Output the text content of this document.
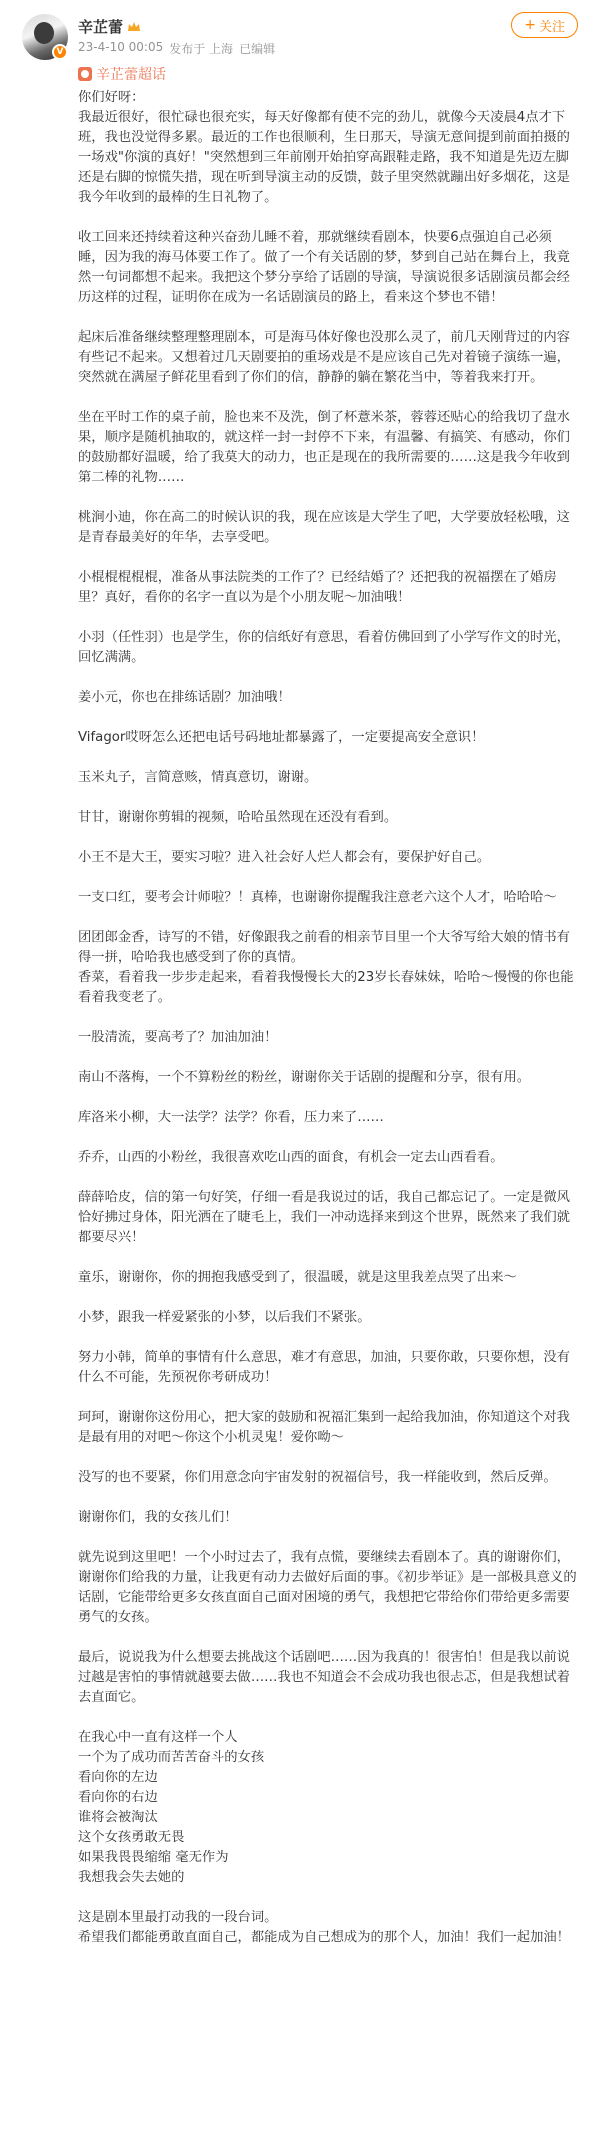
V
辛芷蕾
23-4-10 00:05 发布于 上海 已编辑
+ 关注
辛芷蕾超话

你们好呀：
我最近很好，很忙碌也很充实，每天好像都有使不完的劲儿，就像今天凌晨4点才下班，我也没觉得多累。最近的工作也很顺利，生日那天，导演无意间提到前面拍摄的一场戏"你演的真好！"突然想到三年前刚开始拍穿高跟鞋走路，我不知道是先迈左脚还是右脚的惊慌失措，现在听到导演主动的反馈，鼓子里突然就蹦出好多烟花，这是我今年收到的最棒的生日礼物了。

收工回来还持续着这种兴奋劲儿睡不着，那就继续看剧本，快要6点强迫自己必须睡，因为我的海马体要工作了。做了一个有关话剧的梦，梦到自己站在舞台上，我竟然一句词都想不起来。我把这个梦分享给了话剧的导演，导演说很多话剧演员都会经历这样的过程，证明你在成为一名话剧演员的路上，看来这个梦也不错！

起床后准备继续整理整理剧本，可是海马体好像也没那么灵了，前几天刚背过的内容有些记不起来。又想着过几天剧要拍的重场戏是不是应该自己先对着镜子演练一遍，突然就在满屋子鲜花里看到了你们的信，静静的躺在繁花当中，等着我来打开。

坐在平时工作的桌子前，脸也来不及洗，倒了杯薏米茶，蓉蓉还贴心的给我切了盘水果，顺序是随机抽取的，就这样一封一封停不下来，有温馨、有搞笑、有感动，你们的鼓励都好温暖，给了我莫大的动力，也正是现在的我所需要的……这是我今年收到第二棒的礼物……

桃涧小迪，你在高二的时候认识的我，现在应该是大学生了吧，大学要放轻松哦，这是青春最美好的年华，去享受吧。

小棍棍棍棍棍，准备从事法院类的工作了？已经结婚了？还把我的祝福摆在了婚房里？真好，看你的名字一直以为是个小朋友呢～加油哦！

小羽（任性羽）也是学生，你的信纸好有意思，看着仿佛回到了小学写作文的时光，回忆满满。

姜小元，你也在排练话剧？加油哦！

Vifagor哎呀怎么还把电话号码地址都暴露了，一定要提高安全意识！

玉米丸子，言简意赅，情真意切，谢谢。

甘甘，谢谢你剪辑的视频，哈哈虽然现在还没有看到。

小王不是大王，要实习啦？进入社会好人烂人都会有，要保护好自己。

一支口红，要考会计师啦？！真棒，也谢谢你提醒我注意老六这个人才，哈哈哈～

团团郎金香，诗写的不错，好像跟我之前看的相亲节目里一个大爷写给大娘的情书有得一拼，哈哈我也感受到了你的真情。
香菜，看着我一步步走起来，看着我慢慢长大的23岁长春妹妹，哈哈～慢慢的你也能看着我变老了。

一股清流，要高考了？加油加油！

南山不落梅，一个不算粉丝的粉丝，谢谢你关于话剧的提醒和分享，很有用。

库洛米小柳，大一法学？法学？你看，压力来了……

乔乔，山西的小粉丝，我很喜欢吃山西的面食，有机会一定去山西看看。

薛薛哈皮，信的第一句好笑，仔细一看是我说过的话，我自己都忘记了。一定是微风恰好拂过身体，阳光洒在了睫毛上，我们一冲动选择来到这个世界，既然来了我们就都要尽兴！

童乐，谢谢你，你的拥抱我感受到了，很温暖，就是这里我差点哭了出来～

小梦，跟我一样爱紧张的小梦，以后我们不紧张。

努力小韩，简单的事情有什么意思，难才有意思，加油，只要你敢，只要你想，没有什么不可能，先预祝你考研成功！

珂珂，谢谢你这份用心，把大家的鼓励和祝福汇集到一起给我加油，你知道这个对我是最有用的对吧～你这个小机灵鬼！爱你呦～

没写的也不要紧，你们用意念向宇宙发射的祝福信号，我一样能收到，然后反弹。

谢谢你们，我的女孩儿们！

就先说到这里吧！一个小时过去了，我有点慌，要继续去看剧本了。真的谢谢你们，谢谢你们给我的力量，让我更有动力去做好后面的事。《初步举证》是一部极具意义的话剧，它能带给更多女孩直面自己面对困境的勇气，我想把它带给你们带给更多需要勇气的女孩。

最后，说说我为什么想要去挑战这个话剧吧……因为我真的！很害怕！但是我以前说过越是害怕的事情就越要去做……我也不知道会不会成功我也很忐忑，但是我想试着去直面它。

在我心中一直有这样一个人
一个为了成功而苦苦奋斗的女孩
看向你的左边
看向你的右边
谁将会被淘汰
这个女孩勇敢无畏
如果我畏畏缩缩 毫无作为
我想我会失去她的

这是剧本里最打动我的一段台词。
希望我们都能勇敢直面自己，都能成为自己想成为的那个人，加油！我们一起加油！
